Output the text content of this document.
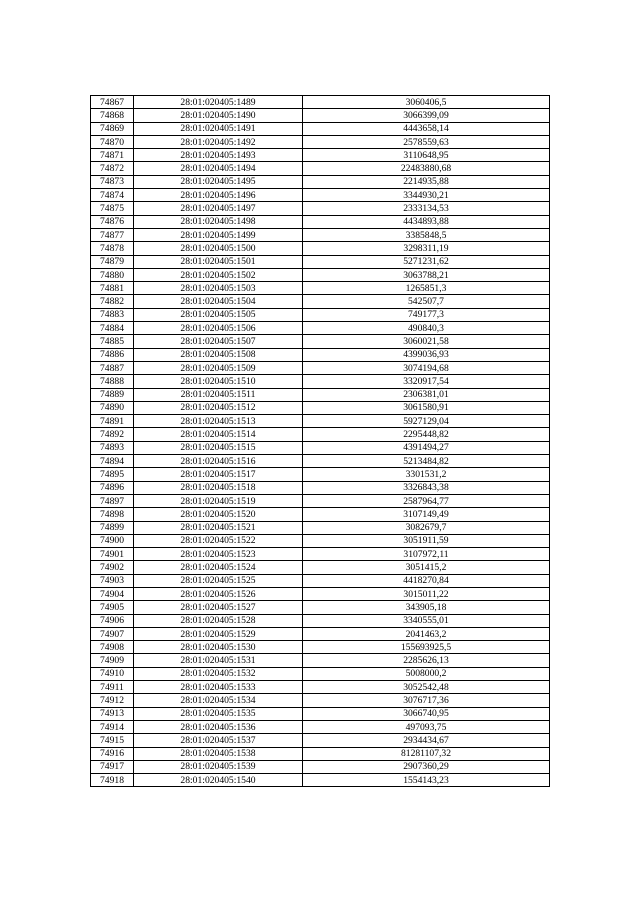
74867	28:01:020405:1489	3060406,5
74868	28:01:020405:1490	3066399,09
74869	28:01:020405:1491	4443658,14
74870	28:01:020405:1492	2578559,63
74871	28:01:020405:1493	3110648,95
74872	28:01:020405:1494	22483880,68
74873	28:01:020405:1495	2214935,88
74874	28:01:020405:1496	3344930,21
74875	28:01:020405:1497	2333134,53
74876	28:01:020405:1498	4434893,88
74877	28:01:020405:1499	3385848,5
74878	28:01:020405:1500	3298311,19
74879	28:01:020405:1501	5271231,62
74880	28:01:020405:1502	3063788,21
74881	28:01:020405:1503	1265851,3
74882	28:01:020405:1504	542507,7
74883	28:01:020405:1505	749177,3
74884	28:01:020405:1506	490840,3
74885	28:01:020405:1507	3060021,58
74886	28:01:020405:1508	4399036,93
74887	28:01:020405:1509	3074194,68
74888	28:01:020405:1510	3320917,54
74889	28:01:020405:1511	2306381,01
74890	28:01:020405:1512	3061580,91
74891	28:01:020405:1513	5927129,04
74892	28:01:020405:1514	2295448,82
74893	28:01:020405:1515	4391494,27
74894	28:01:020405:1516	5213484,82
74895	28:01:020405:1517	3301531,2
74896	28:01:020405:1518	3326843,38
74897	28:01:020405:1519	2587964,77
74898	28:01:020405:1520	3107149,49
74899	28:01:020405:1521	3082679,7
74900	28:01:020405:1522	3051911,59
74901	28:01:020405:1523	3107972,11
74902	28:01:020405:1524	3051415,2
74903	28:01:020405:1525	4418270,84
74904	28:01:020405:1526	3015011,22
74905	28:01:020405:1527	343905,18
74906	28:01:020405:1528	3340555,01
74907	28:01:020405:1529	2041463,2
74908	28:01:020405:1530	155693925,5
74909	28:01:020405:1531	2285626,13
74910	28:01:020405:1532	5008000,2
74911	28:01:020405:1533	3052542,48
74912	28:01:020405:1534	3076717,36
74913	28:01:020405:1535	3066740,95
74914	28:01:020405:1536	497093,75
74915	28:01:020405:1537	2934434,67
74916	28:01:020405:1538	81281107,32
74917	28:01:020405:1539	2907360,29
74918	28:01:020405:1540	1554143,23
